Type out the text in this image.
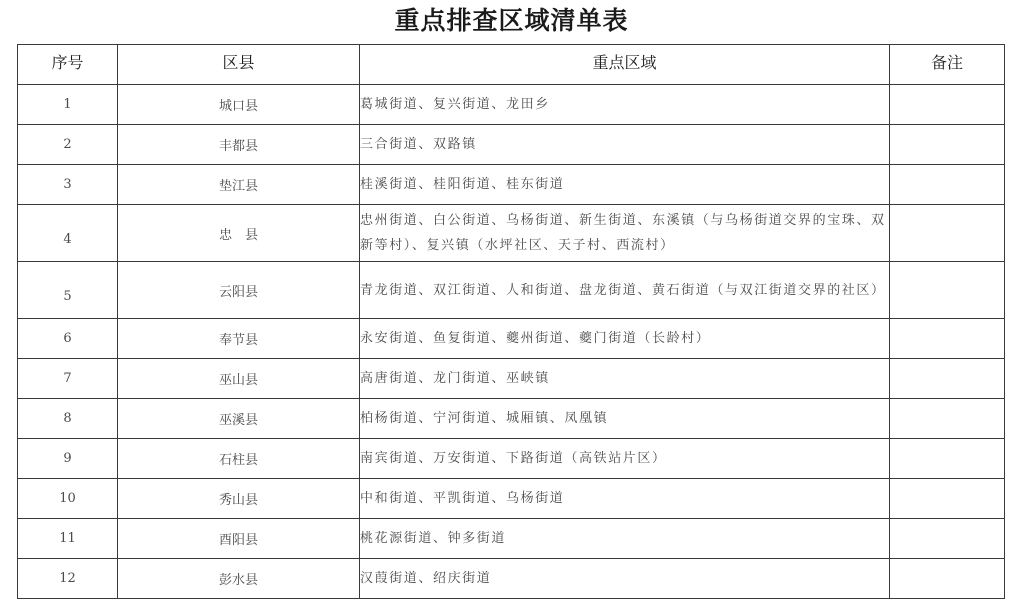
重点排查区域清单表
序号	区县	重点区域	备注
1	城口县	葛城街道、复兴街道、龙田乡	
2	丰都县	三合街道、双路镇	
3	垫江县	桂溪街道、桂阳街道、桂东街道	
4	忠　县	忠州街道、白公街道、乌杨街道、新生街道、东溪镇（与乌杨街道交界的宝珠、双新等村）、复兴镇（水坪社区、天子村、西流村）	
5	云阳县	青龙街道、双江街道、人和街道、盘龙街道、黄石街道（与双江街道交界的社区）	
6	奉节县	永安街道、鱼复街道、夔州街道、夔门街道（长龄村）	
7	巫山县	高唐街道、龙门街道、巫峡镇	
8	巫溪县	柏杨街道、宁河街道、城厢镇、凤凰镇	
9	石柱县	南宾街道、万安街道、下路街道（高铁站片区）	
10	秀山县	中和街道、平凯街道、乌杨街道	
11	酉阳县	桃花源街道、钟多街道	
12	彭水县	汉葭街道、绍庆街道	
